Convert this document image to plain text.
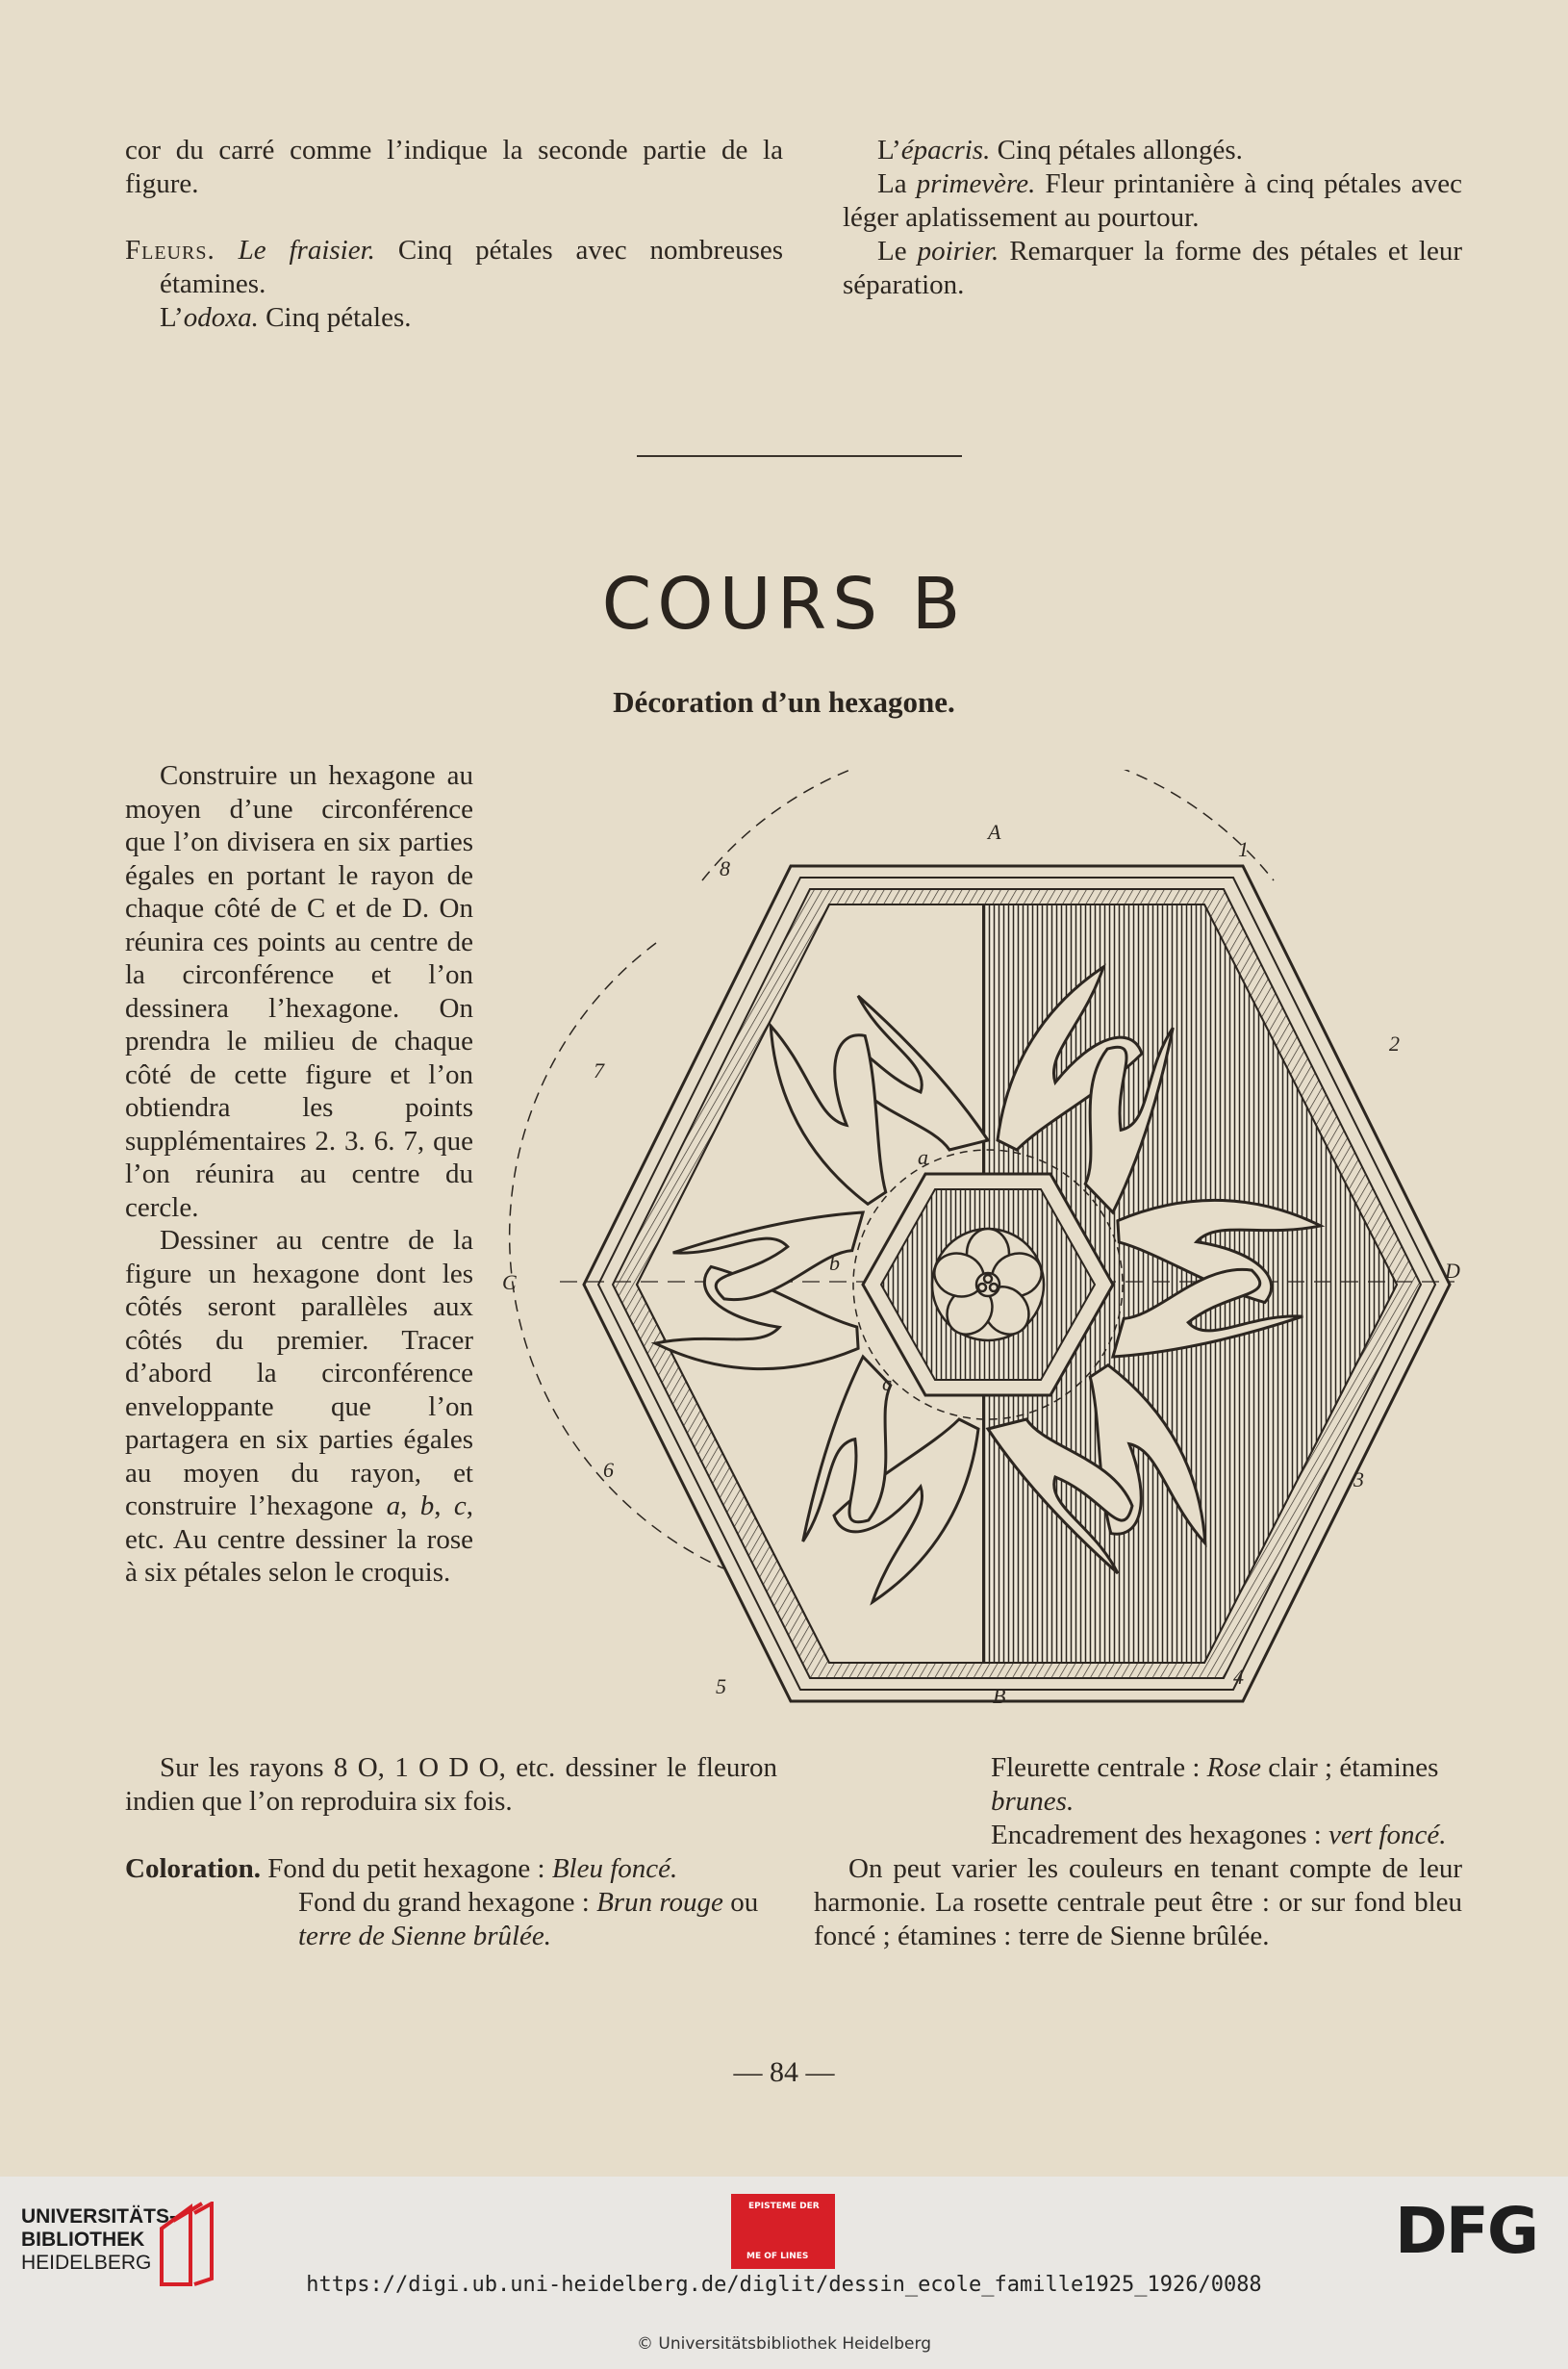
cor du carré comme l’indique la seconde partie de la figure.

Fleurs. Le fraisier. Cinq pétales avec nombreuses étamines.

L’odoxa. Cinq pétales.

L’épacris. Cinq pétales allongés.

La primevère. Fleur printanière à cinq pétales avec léger aplatissement au pourtour.

Le poirier. Remarquer la forme des pétales et leur séparation.

COURS B
Décoration d’un hexagone.

Construire un hexagone au moyen d’une circonférence que l’on divisera en six parties égales en portant le rayon de chaque côté de C et de D. On réunira ces points au centre de la circonférence et l’on dessinera l’hexagone. On prendra le milieu de chaque côté de cette figure et l’on obtiendra les points supplémentaires 2. 3. 6. 7, que l’on réunira au centre du cercle.

Dessiner au centre de la figure un hexagone dont les côtés seront parallèles aux côtés du premier. Tracer d’abord la circonférence enveloppante que l’on partagera en six parties égales au moyen du rayon, et construire l’hexagone a, b, c, etc. Au centre dessiner la rose à six pétales selon le croquis.

A
1
8
2
7
D
C
a
b
c
6	3
5	4
B

Sur les rayons 8 O, 1 O D O, etc. dessiner le fleuron indien que l’on reproduira six fois.

Coloration. Fond du petit hexagone : Bleu foncé.

Fond du grand hexagone : Brun rouge ou terre de Sienne brûlée.

Fleurette centrale : Rose clair ; étamines brunes.

Encadrement des hexagones : vert foncé.

On peut varier les couleurs en tenant compte de leur harmonie. La rosette centrale peut être : or sur fond bleu foncé ; étamines : terre de Sienne brûlée.

— 84 —
UNIVERSITÄTS-
BIBLIOTHEK
HEIDELBERG
EPISTEME DER
ME OF LINES	DFG
https://digi.ub.uni-heidelberg.de/diglit/dessin_ecole_famille1925_1926/0088
© Universitätsbibliothek Heidelberg
